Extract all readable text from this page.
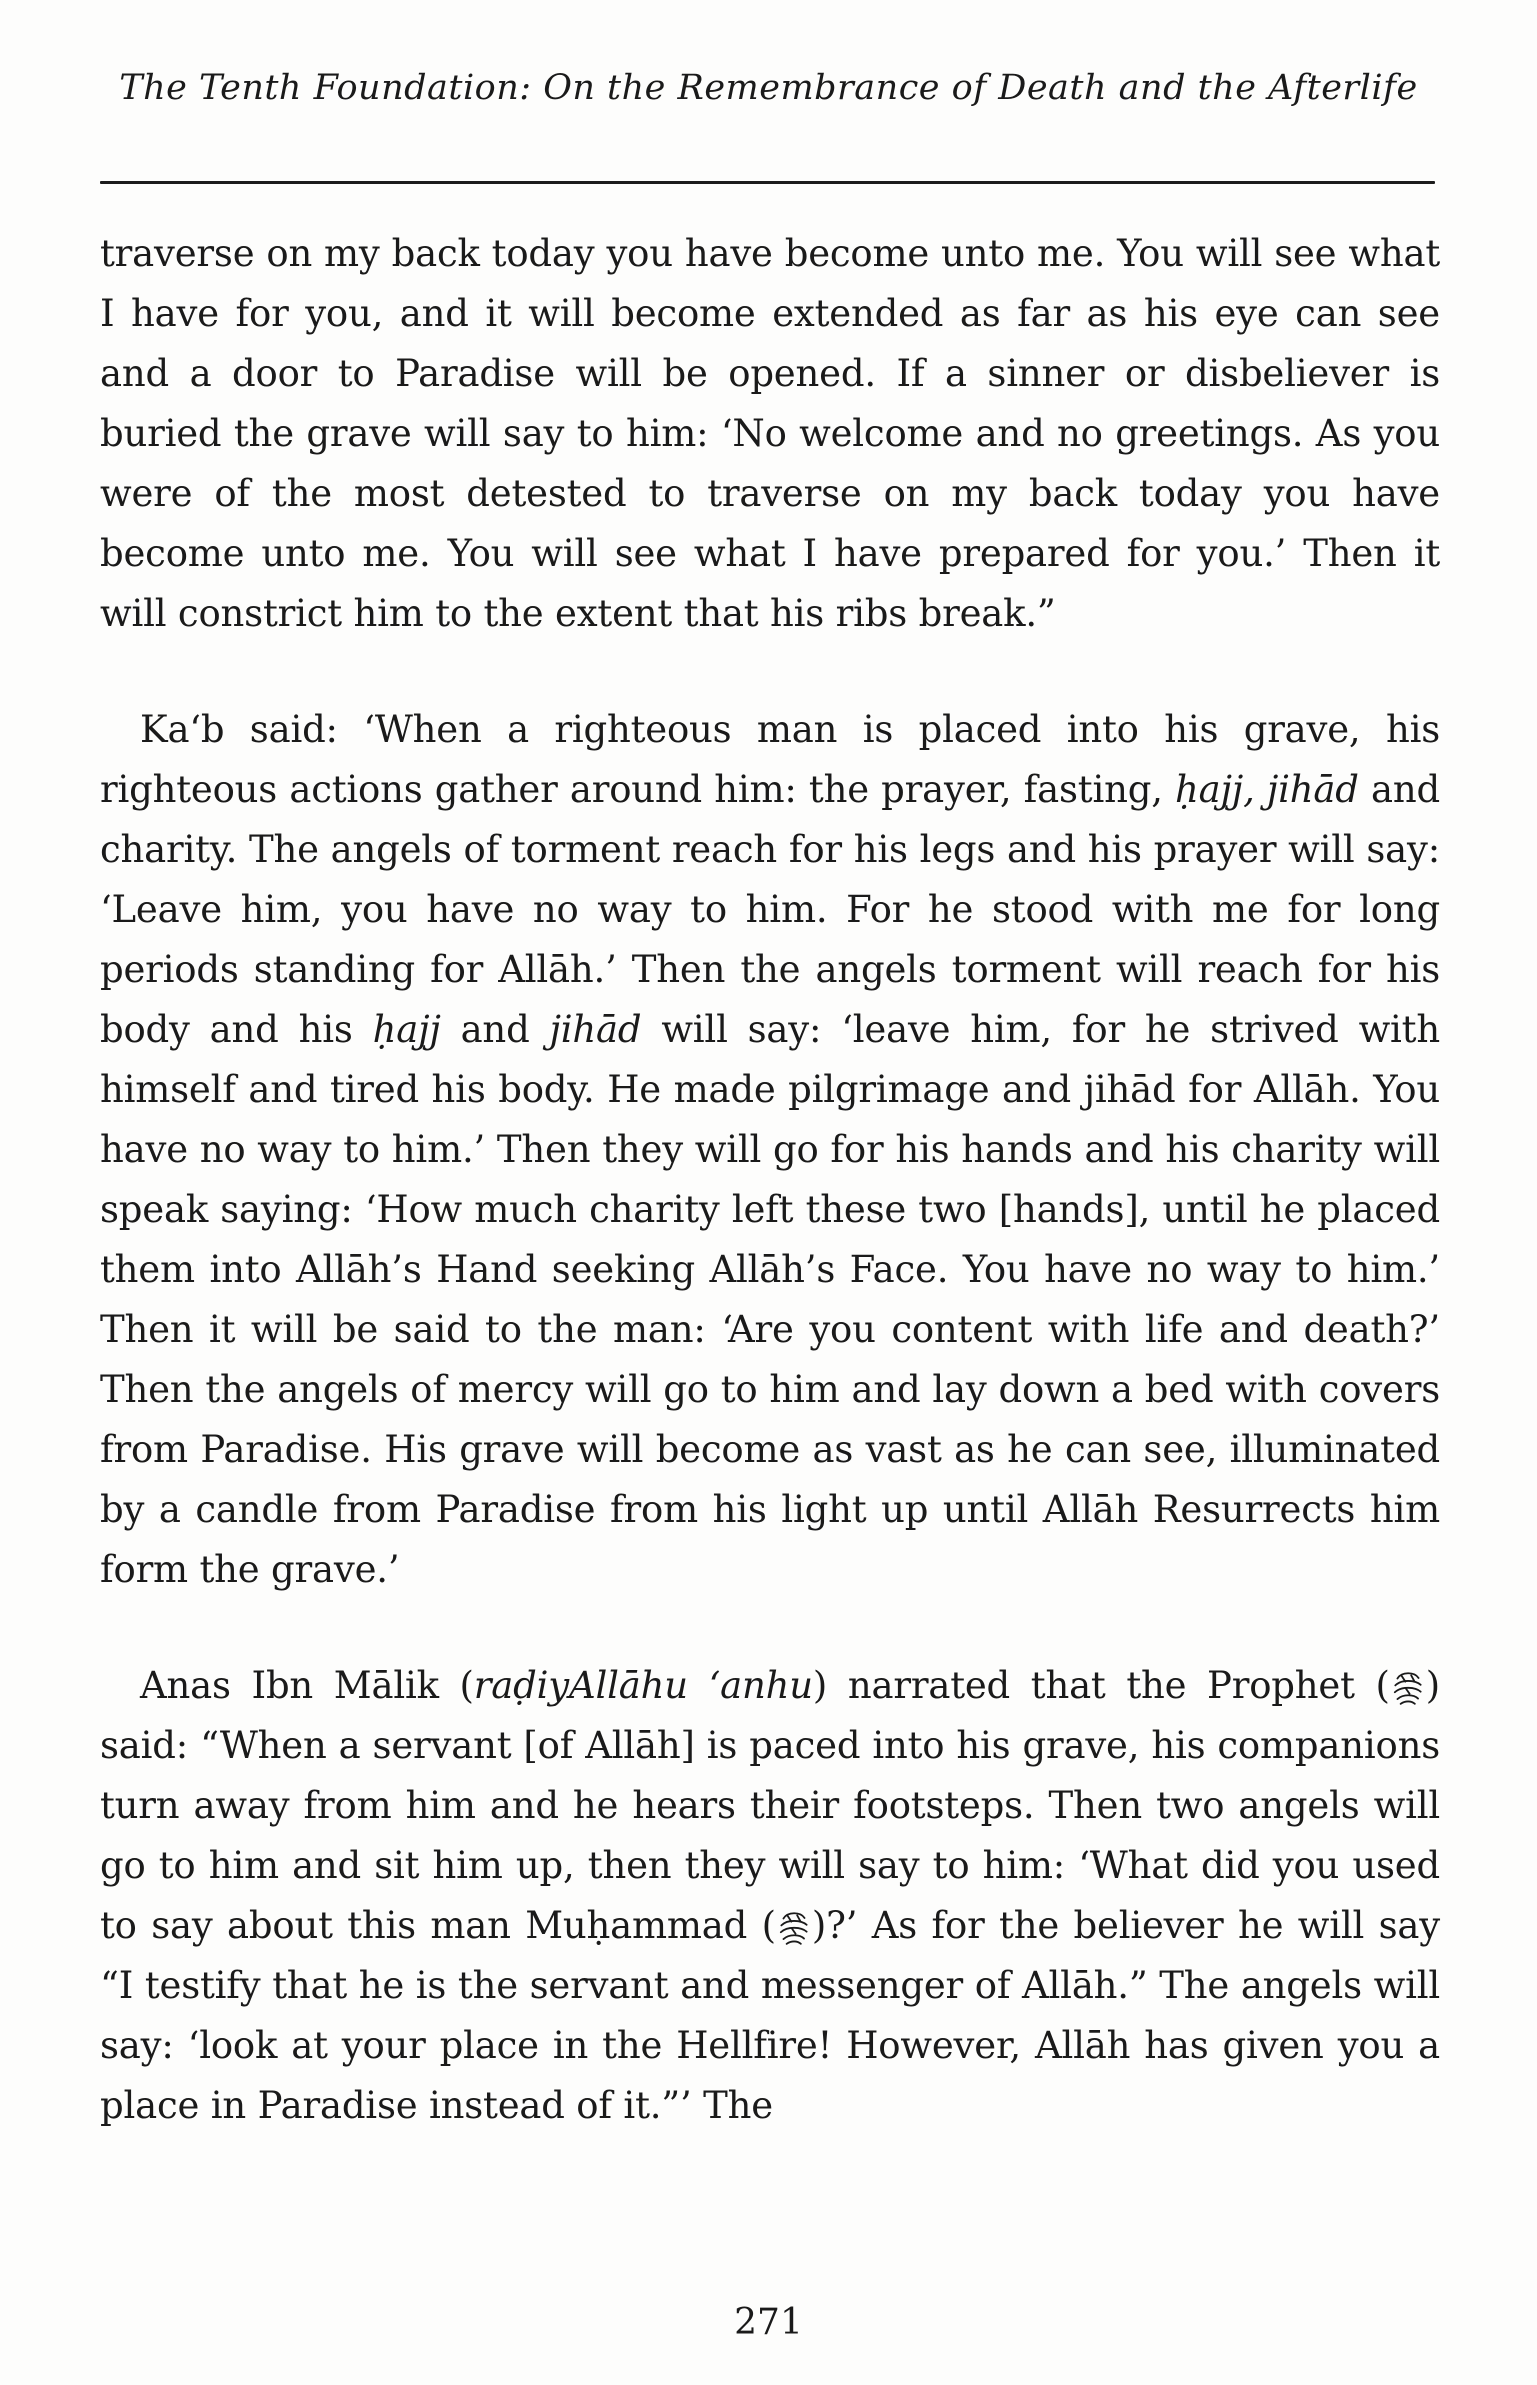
The Tenth Foundation: On the Remembrance of Death and the Afterlife

traverse on my back today you have become unto me. You will see what I have for you, and it will become extended as far as his eye can see and a door to Paradise will be opened. If a sinner or disbeliever is buried the grave will say to him: ‘No welcome and no greetings. As you were of the most detested to traverse on my back today you have become unto me. You will see what I have prepared for you.’ Then it will constrict him to the extent that his ribs break.”

Ka‘b said: ‘When a righteous man is placed into his grave, his righteous actions gather around him: the prayer, fasting, ḥajj, jihād and charity. The angels of torment reach for his legs and his prayer will say: ‘Leave him, you have no way to him. For he stood with me for long periods standing for Allāh.’ Then the angels torment will reach for his body and his ḥajj and jihād will say: ‘leave him, for he strived with himself and tired his body. He made pilgrimage and jihād for Allāh. You have no way to him.’ Then they will go for his hands and his charity will speak saying: ‘How much charity left these two [hands], until he placed them into Allāh’s Hand seeking Allāh’s Face. You have no way to him.’ Then it will be said to the man: ‘Are you content with life and death?’ Then the angels of mercy will go to him and lay down a bed with covers from Paradise. His grave will become as vast as he can see, illuminated by a candle from Paradise from his light up until Allāh Resurrects him form the grave.’

Anas Ibn Mālik (raḍiyAllāhu ‘anhu) narrated that the Prophet ( ) said: “When a servant [of Allāh] is paced into his grave, his companions turn away from him and he hears their footsteps. Then two angels will go to him and sit him up, then they will say to him: ‘What did you used to say about this man Muḥammad ( )?’ As for the believer he will say “I testify that he is the servant and messenger of Allāh.” The angels will say: ‘look at your place in the Hellfire! However, Allāh has given you a place in Paradise instead of it.”’ The

271
